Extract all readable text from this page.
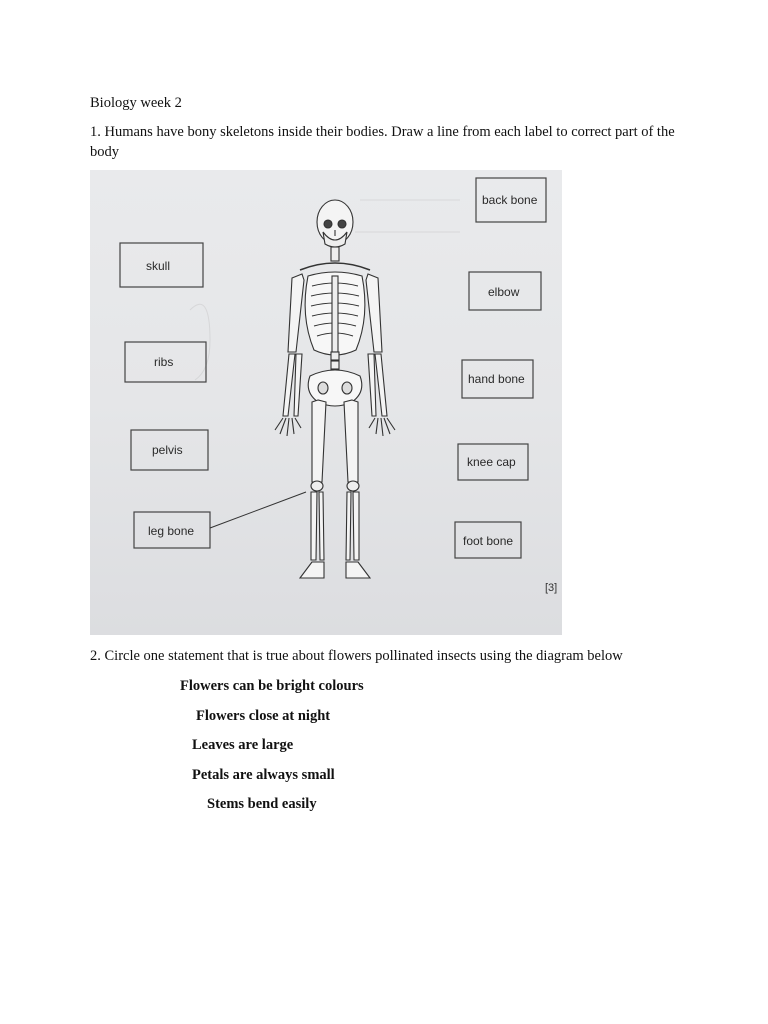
Biology week 2
1. Humans have bony skeletons inside their bodies. Draw a line from each label to correct part of the body
skull
ribs
pelvis
leg bone
back bone
elbow
hand bone
knee cap
foot bone
[3]
2. Circle one statement that is true about flowers pollinated insects using the diagram below
Flowers can be bright colours
Flowers close at night
Leaves are large
Petals are always small
Stems bend easily
